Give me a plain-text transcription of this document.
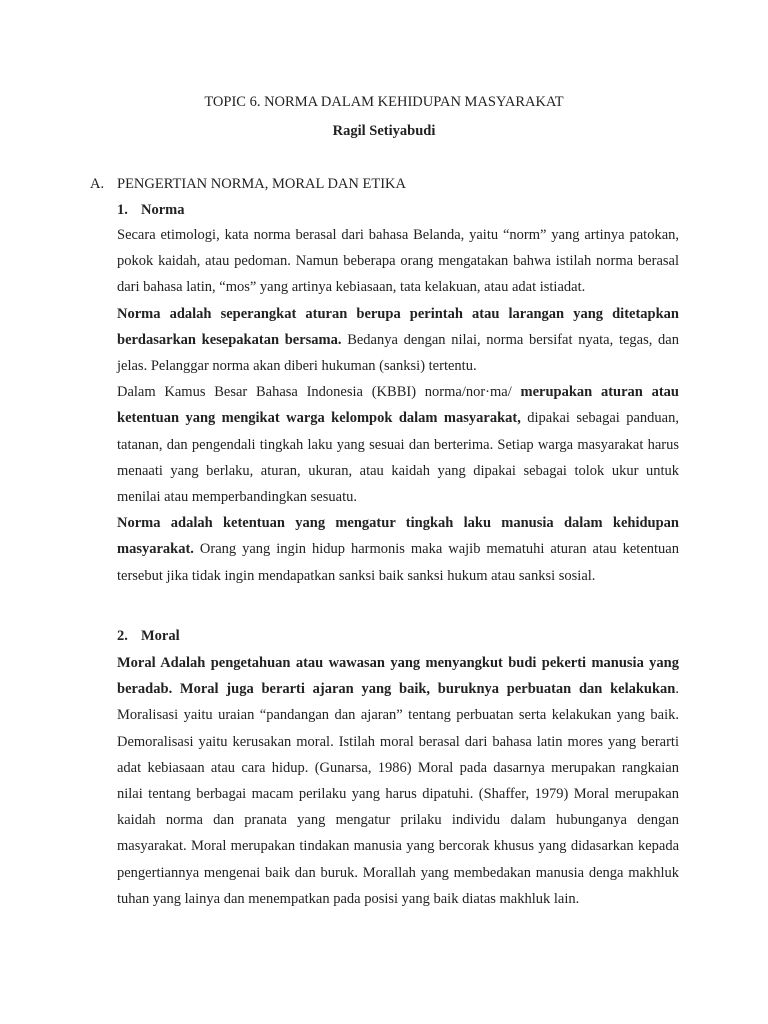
TOPIC 6. NORMA DALAM KEHIDUPAN MASYARAKAT
Ragil Setiyabudi
A. PENGERTIAN NORMA, MORAL DAN ETIKA
1. Norma

Secara etimologi, kata norma berasal dari bahasa Belanda, yaitu “norm” yang artinya patokan, pokok kaidah, atau pedoman. Namun beberapa orang mengatakan bahwa istilah norma berasal dari bahasa latin, “mos” yang artinya kebiasaan, tata kelakuan, atau adat istiadat.

Norma adalah seperangkat aturan berupa perintah atau larangan yang ditetapkan berdasarkan kesepakatan bersama. Bedanya dengan nilai, norma bersifat nyata, tegas, dan jelas. Pelanggar norma akan diberi hukuman (sanksi) tertentu.

Dalam Kamus Besar Bahasa Indonesia (KBBI) norma/nor·ma/ merupakan aturan atau ketentuan yang mengikat warga kelompok dalam masyarakat, dipakai sebagai panduan, tatanan, dan pengendali tingkah laku yang sesuai dan berterima. Setiap warga masyarakat harus menaati yang berlaku, aturan, ukuran, atau kaidah yang dipakai sebagai tolok ukur untuk menilai atau memperbandingkan sesuatu.

Norma adalah ketentuan yang mengatur tingkah laku manusia dalam kehidupan masyarakat. Orang yang ingin hidup harmonis maka wajib mematuhi aturan atau ketentuan tersebut jika tidak ingin mendapatkan sanksi baik sanksi hukum atau sanksi sosial.

2. Moral

Moral Adalah pengetahuan atau wawasan yang menyangkut budi pekerti manusia yang beradab. Moral juga berarti ajaran yang baik, buruknya perbuatan dan kelakukan. Moralisasi yaitu uraian “pandangan dan ajaran” tentang perbuatan serta kelakukan yang baik. Demoralisasi yaitu kerusakan moral. Istilah moral berasal dari bahasa latin mores yang berarti adat kebiasaan atau cara hidup. (Gunarsa, 1986) Moral pada dasarnya merupakan rangkaian nilai tentang berbagai macam perilaku yang harus dipatuhi. (Shaffer, 1979) Moral merupakan kaidah norma dan pranata yang mengatur prilaku individu dalam hubunganya dengan masyarakat. Moral merupakan tindakan manusia yang bercorak khusus yang didasarkan kepada pengertiannya mengenai baik dan buruk. Morallah yang membedakan manusia denga makhluk tuhan yang lainya dan menempatkan pada posisi yang baik diatas makhluk lain.
